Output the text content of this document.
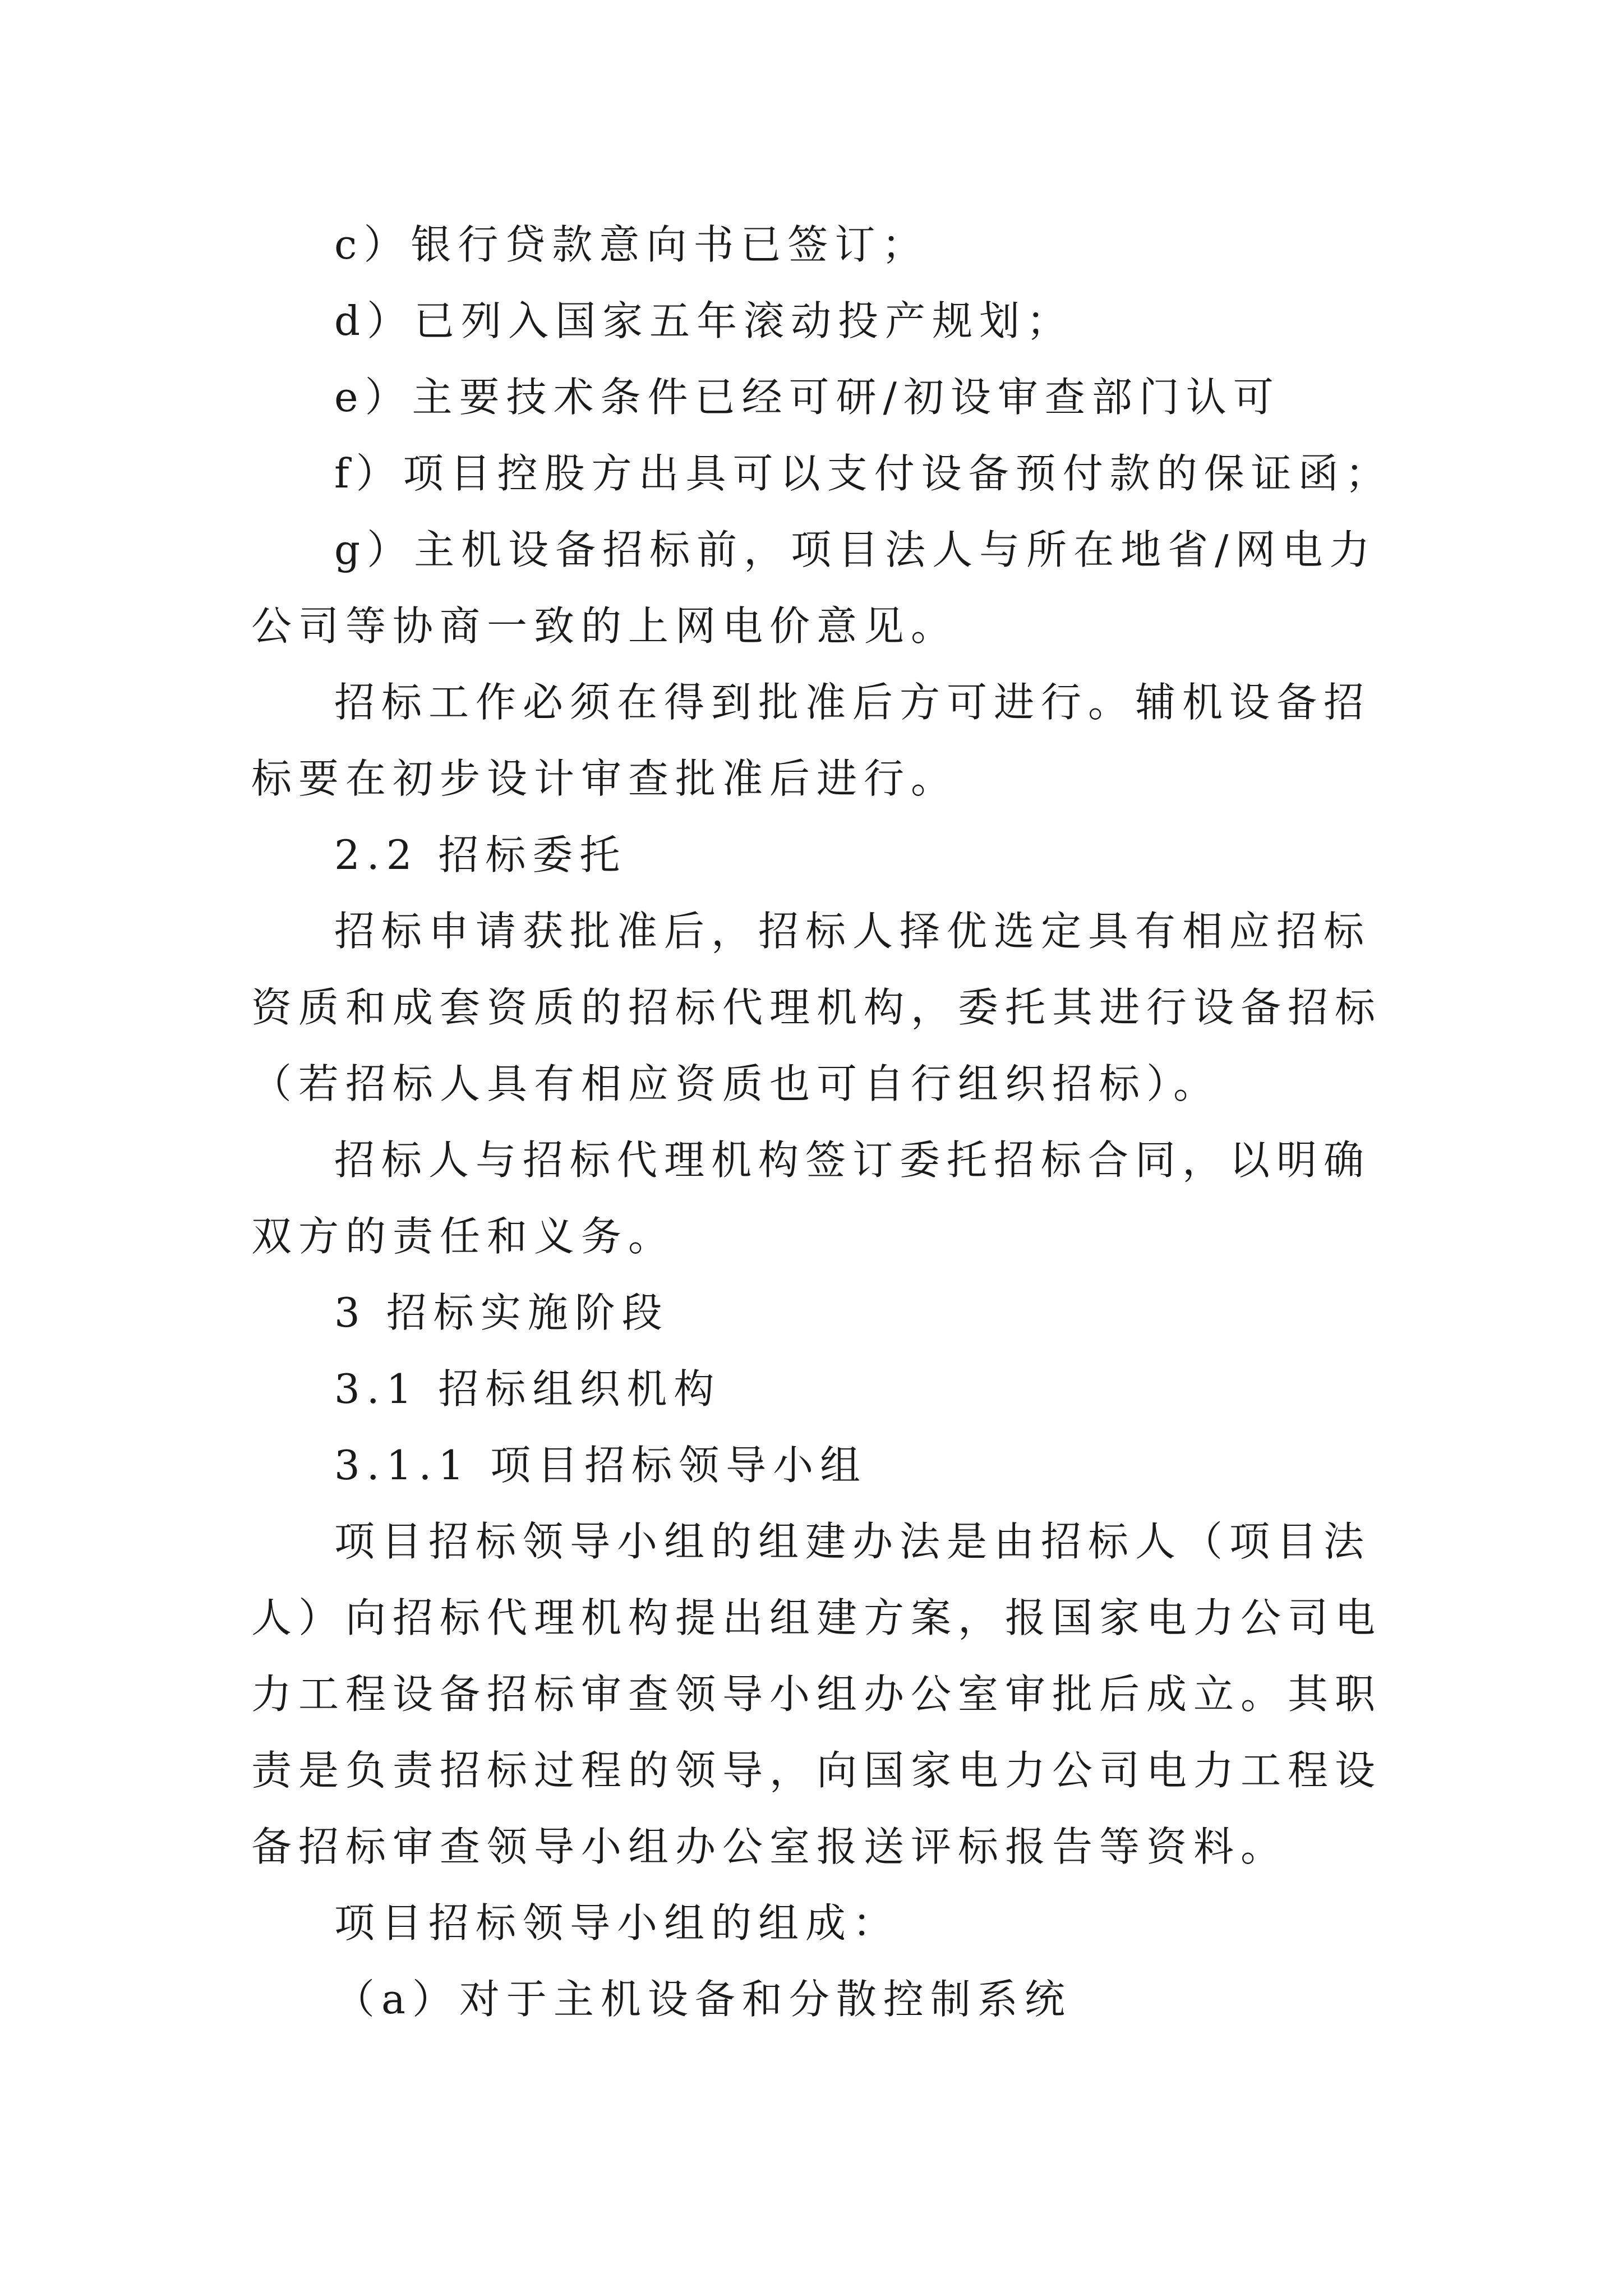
c）银行贷款意向书已签订；

d）已列入国家五年滚动投产规划；

e）主要技术条件已经可研/初设审查部门认可

f）项目控股方出具可以支付设备预付款的保证函；

g）主机设备招标前，项目法人与所在地省/网电力公司等协商一致的上网电价意见。

招标工作必须在得到批准后方可进行。辅机设备招标要在初步设计审查批准后进行。

2.2 招标委托

招标申请获批准后，招标人择优选定具有相应招标资质和成套资质的招标代理机构，委托其进行设备招标（若招标人具有相应资质也可自行组织招标）。

招标人与招标代理机构签订委托招标合同，以明确双方的责任和义务。

3 招标实施阶段

3.1 招标组织机构

3.1.1 项目招标领导小组

项目招标领导小组的组建办法是由招标人（项目法人）向招标代理机构提出组建方案，报国家电力公司电力工程设备招标审查领导小组办公室审批后成立。其职责是负责招标过程的领导，向国家电力公司电力工程设备招标审查领导小组办公室报送评标报告等资料。

项目招标领导小组的组成：

（a）对于主机设备和分散控制系统
